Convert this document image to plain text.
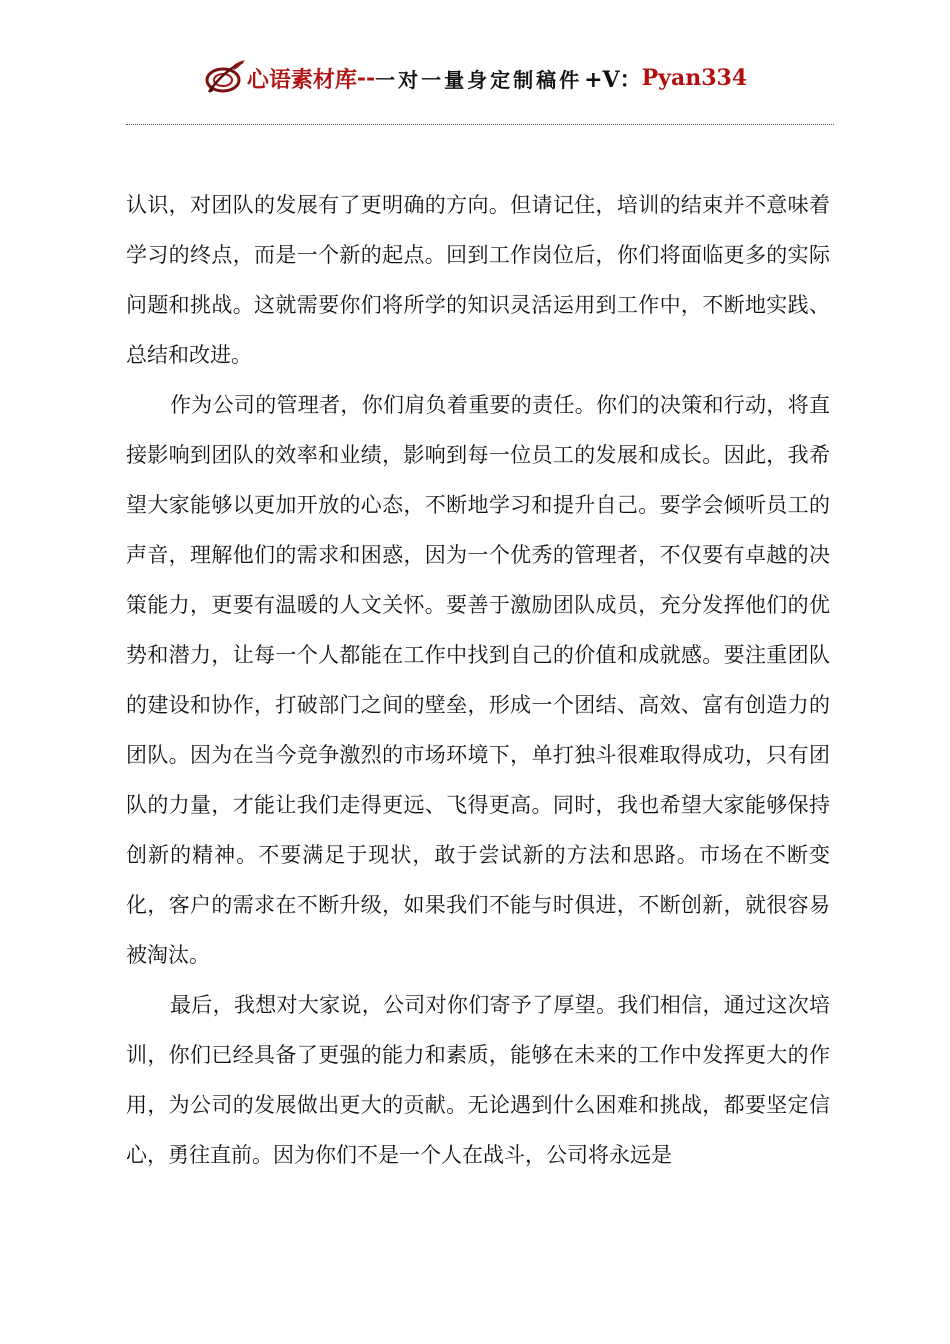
心语素材库 -- 一对一量身定制稿件 +V： Pyan334

认识，对团队的发展有了更明确的方向。但请记住，培训的结束并不意味着学习的终点，而是一个新的起点。回到工作岗位后，你们将面临更多的实际问题和挑战。这就需要你们将所学的知识灵活运用到工作中，不断地实践、总结和改进。

作为公司的管理者，你们肩负着重要的责任。你们的决策和行动，将直接影响到团队的效率和业绩，影响到每一位员工的发展和成长。因此，我希望大家能够以更加开放的心态，不断地学习和提升自己。要学会倾听员工的声音，理解他们的需求和困惑，因为一个优秀的管理者，不仅要有卓越的决策能力，更要有温暖的人文关怀。要善于激励团队成员，充分发挥他们的优势和潜力，让每一个人都能在工作中找到自己的价值和成就感。要注重团队的建设和协作，打破部门之间的壁垒，形成一个团结、高效、富有创造力的团队。因为在当今竞争激烈的市场环境下，单打独斗很难取得成功，只有团队的力量，才能让我们走得更远、飞得更高。同时，我也希望大家能够保持创新的精神。不要满足于现状，敢于尝试新的方法和思路。市场在不断变化，客户的需求在不断升级，如果我们不能与时俱进，不断创新，就很容易被淘汰。

最后，我想对大家说，公司对你们寄予了厚望。我们相信，通过这次培训，你们已经具备了更强的能力和素质，能够在未来的工作中发挥更大的作用，为公司的发展做出更大的贡献。无论遇到什么困难和挑战，都要坚定信心，勇往直前。因为你们不是一个人在战斗，公司将永远是
